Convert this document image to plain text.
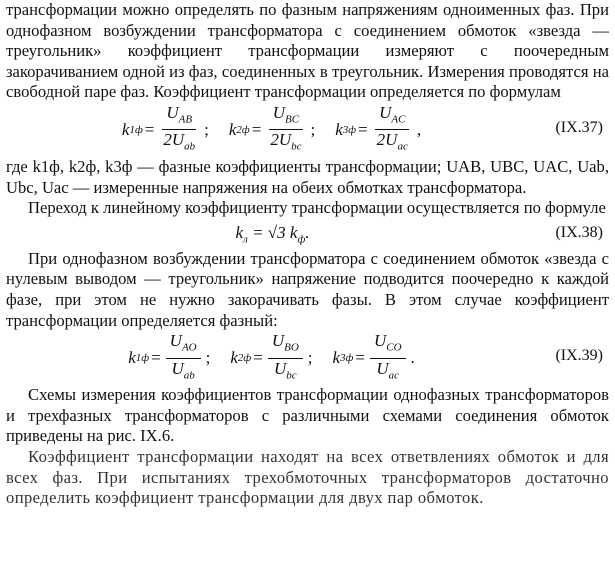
трансформации можно определять по фазным напряжениям одноименных фаз. При однофазном возбуждении трансформатора с соединением обмоток «звезда — треугольник» коэффициент трансформации измеряют с поочередным закорачиванием одной из фаз, соединенных в треугольник. Измерения проводятся на свободной паре фаз. Коэффициент трансформации определяется по формулам

k $1ф = \frac{U_{AB}}{2U_{ab}}$ ; k $2ф = \frac{U_{BC}}{2U_{bc}}$ ; k $3ф = \frac{U_{AC}}{2U_{ac}}$ ,	(IX.37)

где k1ф, k2ф, k3ф — фазные коэффициенты трансформации; UAB, UBC, UAC, Uab, Ubc, Uac — измеренные напряжения на обеих обмотках трансформатора.

Переход к линейному коэффициенту трансформации осуществляется по формуле

$k_л = √3$ $k_ф$.	(IX.38)

При однофазном возбуждении трансформатора с соединением обмоток «звезда с нулевым выводом — треугольник» напряжение подводится поочередно к каждой фазе, при этом не нужно закорачивать фазы. В этом случае коэффициент трансформации определяется фазный:

k $1ф = \frac{U_{AO}}{U_{ab}}$ ; k $2ф = \frac{U_{BO}}{U_{bc}}$ ; k $3ф = \frac{U_{CO}}{U_{ac}}$ .	(IX.39)

Схемы измерения коэффициентов трансформации однофазных трансформаторов и трехфазных трансформаторов с различными схемами соединения обмоток приведены на рис. IX.6.

Коэффициент трансформации находят на всех ответвлениях обмоток и для всех фаз. При испытаниях трехобмоточных трансформаторов достаточно определить коэффициент трансформации для двух пар обмоток.
